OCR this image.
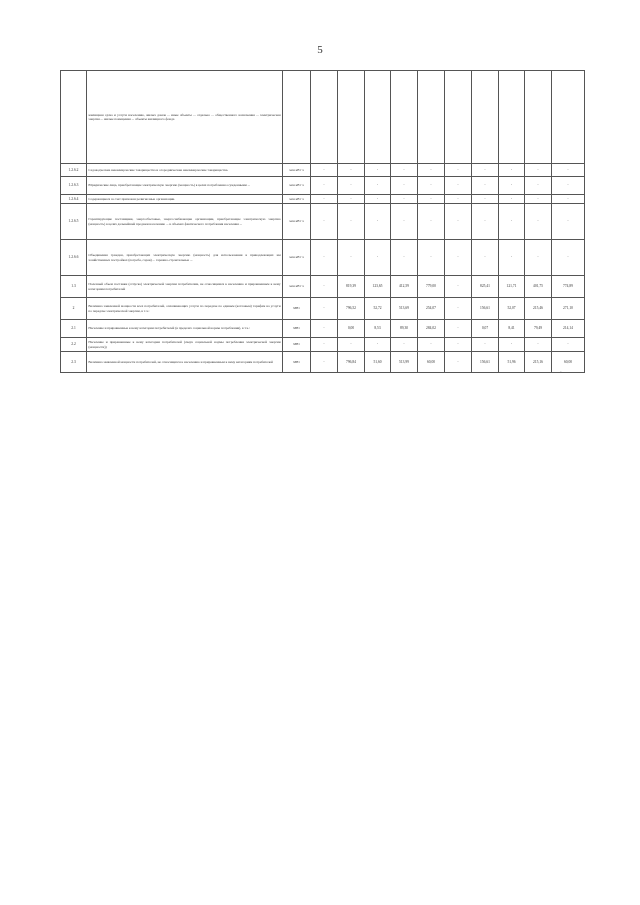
5
	жилищная сдача и услуги населению, жилых домов ... иные объекты ... отдельно ... общественного назначения ... электрическая энергия ... жилые помещения ... объекты жилищного фонда											
1.2.6.2	Садоводческие некоммерческие товарищества и огороднические некоммерческие товарищества.	млн кВт·ч	-	-	-	-	-	-	-	-	-	-
1.2.6.3	Юридические лица, приобретающие электрическую энергию (мощность) в целях потребления осужденными ...	млн кВт·ч	-	-	-	-	-	-	-	-	-	-
1.2.6.4	Содержащиеся за счет прихожан религиозные организации.	млн кВт·ч	-	-	-	-	-	-	-	-	-	-
1.2.6.5	Гарантирующие поставщики, энергосбытовые, энергоснабжающие организации, приобретающие электрическую энергию (мощность) в целях дальнейшей продажи населению ... в объемах фактического потребления населения ...	млн кВт·ч	-	-	-	-	-	-	-	-	-	-
1.2.6.6	Объединения граждан, приобретающих электрическую энергию (мощность) для использования в принадлежащих им хозяйственных постройках (погреба, сараи) ... гаражно-строительные ...	млн кВт·ч	-	-	-	-	-	-	-	-	-	-
1.3	Полезный объем поставки (отпуска) электрической энергии потребителям, не относящимся к населению и приравненным к нему категориям потребителей	млн кВт·ч	-	819,39	123,65	412,59	779,00	-	825,41	121,71	401,75	774,89
2	Величина заявленной мощности всех потребителей, оплачивающих услуги по передаче по единым (котловым) тарифам на услуги по передаче электрической энергии, в т.ч.:	МВт	-	796,52	52,72	513,69	254,07	-	156,61	52,07	215,46	271,10
2.1	Население и приравненные к нему категории потребителей (в пределах социальной нормы потребления), в т.ч.:	МВт	-	0,00	8,53	89,30	284,02	-	0,07	8,41	79,49	214,14
2.2	Население и приравненные к нему категории потребителей (сверх социальной нормы потребления электрической энергии (мощности))	МВт	-	-	-	-	-	-	-	-	-	-
2.3	Величина заявленной мощности потребителей, не относящихся к населению и приравненным к нему категориям потребителей	МВт	-	796,84	51,60	513,99	60,00	-	156,61	51,96	215,16	60,00
◦
